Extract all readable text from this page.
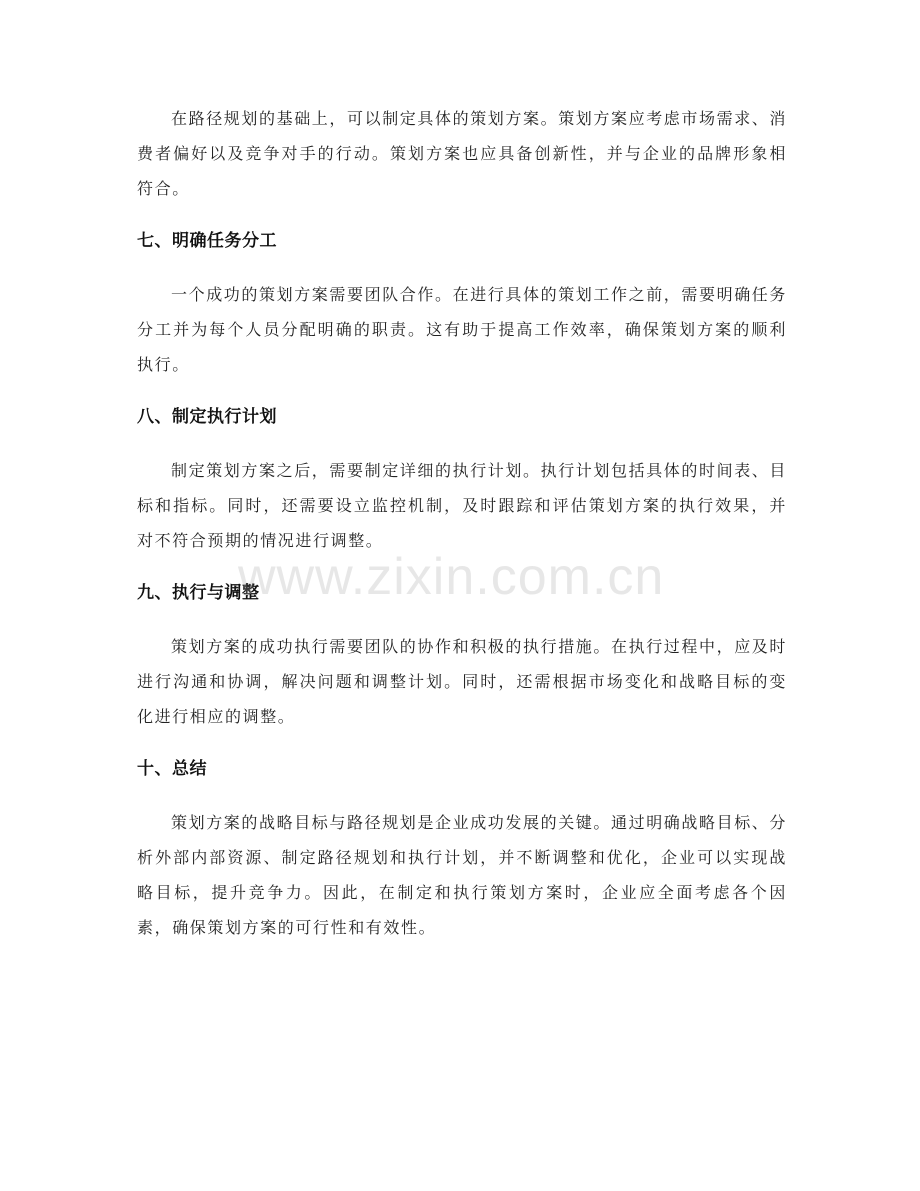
在路径规划的基础上，可以制定具体的策划方案。策划方案应考虑市场需求、消费者偏好以及竞争对手的行动。策划方案也应具备创新性，并与企业的品牌形象相符合。

七、明确任务分工

一个成功的策划方案需要团队合作。在进行具体的策划工作之前，需要明确任务分工并为每个人员分配明确的职责。这有助于提高工作效率，确保策划方案的顺利执行。

八、制定执行计划

制定策划方案之后，需要制定详细的执行计划。执行计划包括具体的时间表、目标和指标。同时，还需要设立监控机制，及时跟踪和评估策划方案的执行效果，并对不符合预期的情况进行调整。

九、执行与调整

策划方案的成功执行需要团队的协作和积极的执行措施。在执行过程中，应及时进行沟通和协调，解决问题和调整计划。同时，还需根据市场变化和战略目标的变化进行相应的调整。

十、总结

策划方案的战略目标与路径规划是企业成功发展的关键。通过明确战略目标、分析外部内部资源、制定路径规划和执行计划，并不断调整和优化，企业可以实现战略目标，提升竞争力。因此，在制定和执行策划方案时，企业应全面考虑各个因素，确保策划方案的可行性和有效性。

www.zixin.com.cn
